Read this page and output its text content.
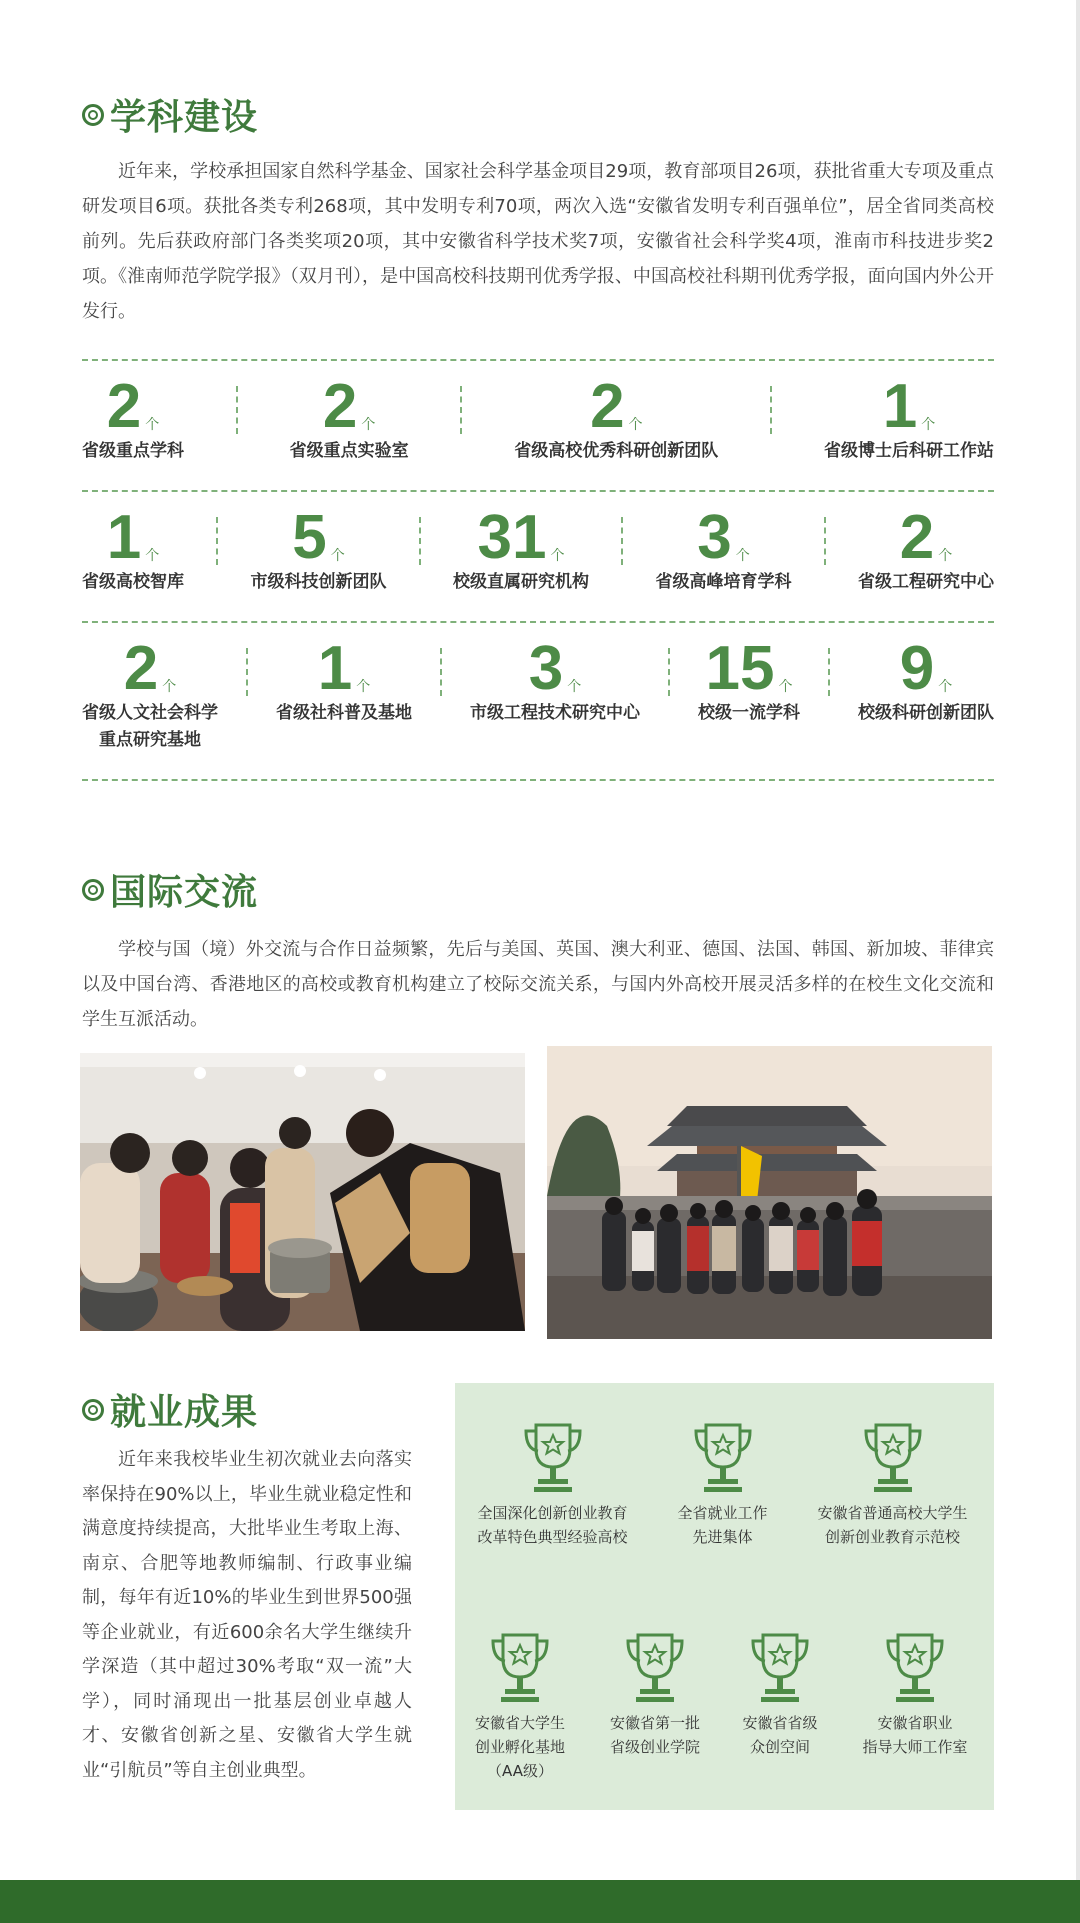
学科建设
近年来，学校承担国家自然科学基金、国家社会科学基金项目29项，教育部项目26项，获批省重大专项及重点研发项目6项。获批各类专利268项，其中发明专利70项，两次入选“安徽省发明专利百强单位”，居全省同类高校前列。先后获政府部门各类奖项20项，其中安徽省科学技术奖7项，安徽省社会科学奖4项，淮南市科技进步奖2项。《淮南师范学院学报》（双月刊），是中国高校科技期刊优秀学报、中国高校社科期刊优秀学报，面向国内外公开发行。
2 个
省级重点学科
2 个
省级重点实验室
2 个
省级高校优秀科研创新团队
1 个
省级博士后科研工作站
1 个
省级高校智库
5 个
市级科技创新团队
31 个
校级直属研究机构
3 个
省级高峰培育学科
2 个
省级工程研究中心
2 个
省级人文社会科学
重点研究基地
1 个
省级社科普及基地
3 个
市级工程技术研究中心
15 个
校级一流学科
9 个
校级科研创新团队
国际交流
学校与国（境）外交流与合作日益频繁，先后与美国、英国、澳大利亚、德国、法国、韩国、新加坡、菲律宾以及中国台湾、香港地区的高校或教育机构建立了校际交流关系，与国内外高校开展灵活多样的在校生文化交流和学生互派活动。
就业成果
近年来我校毕业生初次就业去向落实率保持在90%以上，毕业生就业稳定性和满意度持续提高，大批毕业生考取上海、南京、合肥等地教师编制、行政事业编制，每年有近10%的毕业生到世界500强等企业就业，有近600余名大学生继续升学深造（其中超过30%考取“双一流”大学），同时涌现出一批基层创业卓越人才、安徽省创新之星、安徽省大学生就业“引航员”等自主创业典型。
全国深化创新创业教育
改革特色典型经验高校
全省就业工作
先进集体
安徽省普通高校大学生
创新创业教育示范校
安徽省大学生
创业孵化基地
（AA级）
安徽省第一批
省级创业学院
安徽省省级
众创空间
安徽省职业
指导大师工作室
